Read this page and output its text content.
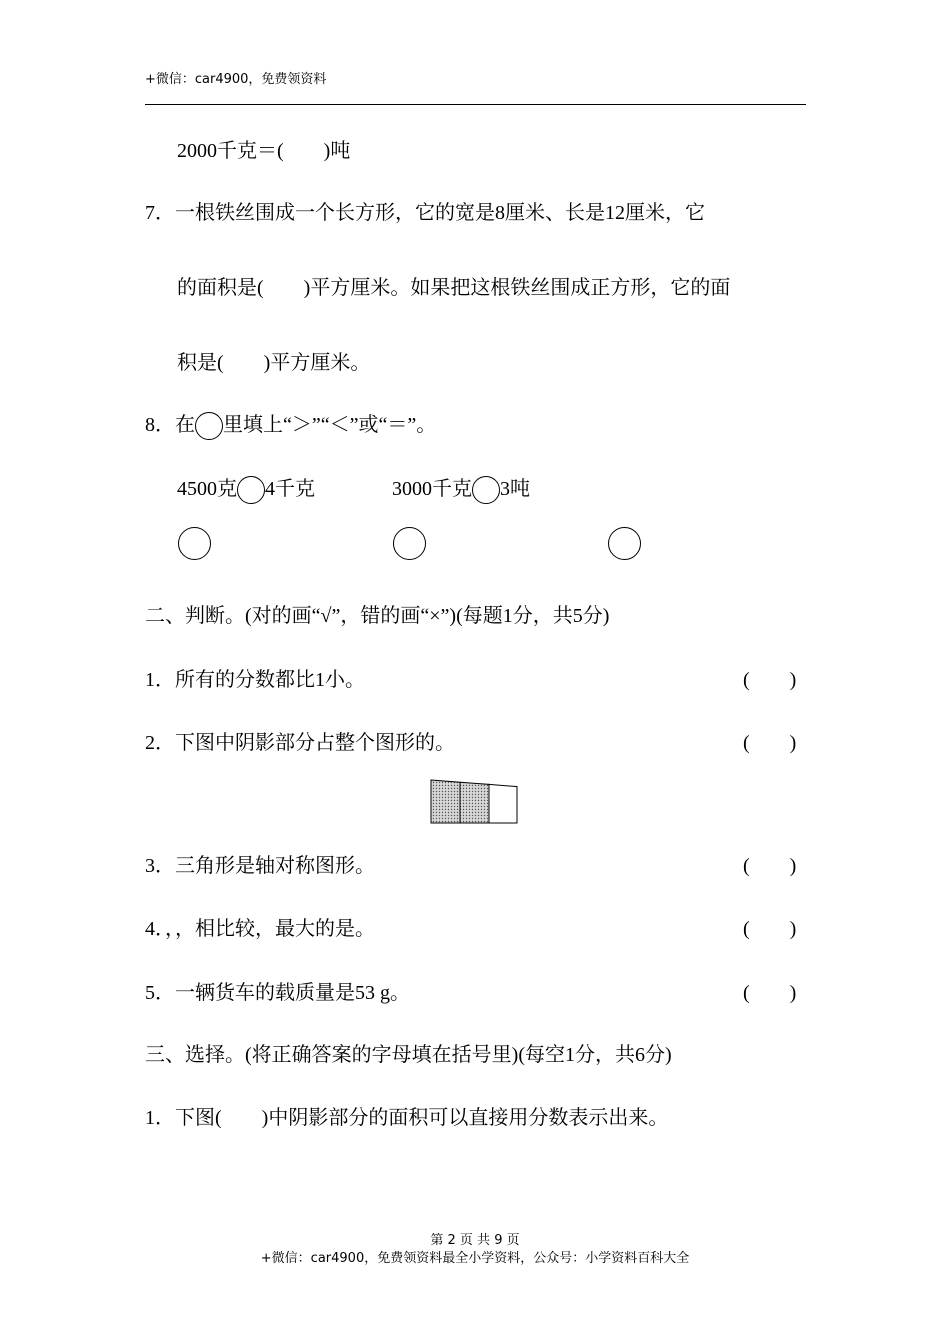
+微信：car4900，免费领资料
2000千克＝(　　)吨
7．一根铁丝围成一个长方形，它的宽是8厘米、长是12厘米，它
的面积是(　　)平方厘米。如果把这根铁丝围成正方形，它的面
积是(　　)平方厘米。
8．在 里填上“＞”“＜”或“＝”。
4500克 4千克	3000千克 3吨
二、判断。(对的画“√”，错的画“×”)(每题1分，共5分)
1．所有的分数都比1小。	(　　)
2．下图中阴影部分占整个图形的。	(　　)
3．三角形是轴对称图形。	(　　)
4．，，相比较，最大的是。	(　　)
5．一辆货车的载质量是53 g。	(　　)
三、选择。(将正确答案的字母填在括号里)(每空1分，共6分)
1．下图(　　)中阴影部分的面积可以直接用分数表示出来。
第 2 页 共 9 页
+微信：car4900，免费领资料最全小学资料，公众号：小学资料百科大全
